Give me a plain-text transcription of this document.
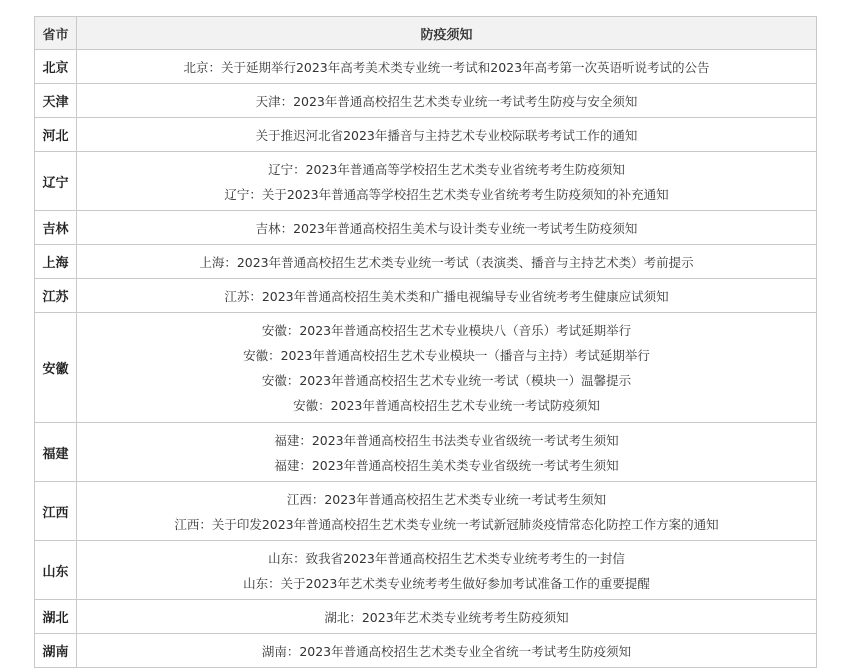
省市	防疫须知
北京	北京：关于延期举行2023年高考美术类专业统一考试和2023年高考第一次英语听说考试的公告

天津	天津：2023年普通高校招生艺术类专业统一考试考生防疫与安全须知

河北	关于推迟河北省2023年播音与主持艺术专业校际联考考试工作的通知

辽宁	辽宁：2023年普通高等学校招生艺术类专业省统考考生防疫须知
辽宁：关于2023年普通高等学校招生艺术类专业省统考考生防疫须知的补充通知

吉林	吉林：2023年普通高校招生美术与设计类专业统一考试考生防疫须知

上海	上海：2023年普通高校招生艺术类专业统一考试（表演类、播音与主持艺术类）考前提示

江苏	江苏：2023年普通高校招生美术类和广播电视编导专业省统考考生健康应试须知

安徽	安徽：2023年普通高校招生艺术专业模块八（音乐）考试延期举行
安徽：2023年普通高校招生艺术专业模块一（播音与主持）考试延期举行
安徽：2023年普通高校招生艺术专业统一考试（模块一）温馨提示
安徽：2023年普通高校招生艺术专业统一考试防疫须知

福建	福建：2023年普通高校招生书法类专业省级统一考试考生须知
福建：2023年普通高校招生美术类专业省级统一考试考生须知

江西	江西：2023年普通高校招生艺术类专业统一考试考生须知
江西：关于印发2023年普通高校招生艺术类专业统一考试新冠肺炎疫情常态化防控工作方案的通知

山东	山东：致我省2023年普通高校招生艺术类专业统考考生的一封信
山东：关于2023年艺术类专业统考考生做好参加考试准备工作的重要提醒

湖北	湖北：2023年艺术类专业统考考生防疫须知

湖南	湖南：2023年普通高校招生艺术类专业全省统一考试考生防疫须知
